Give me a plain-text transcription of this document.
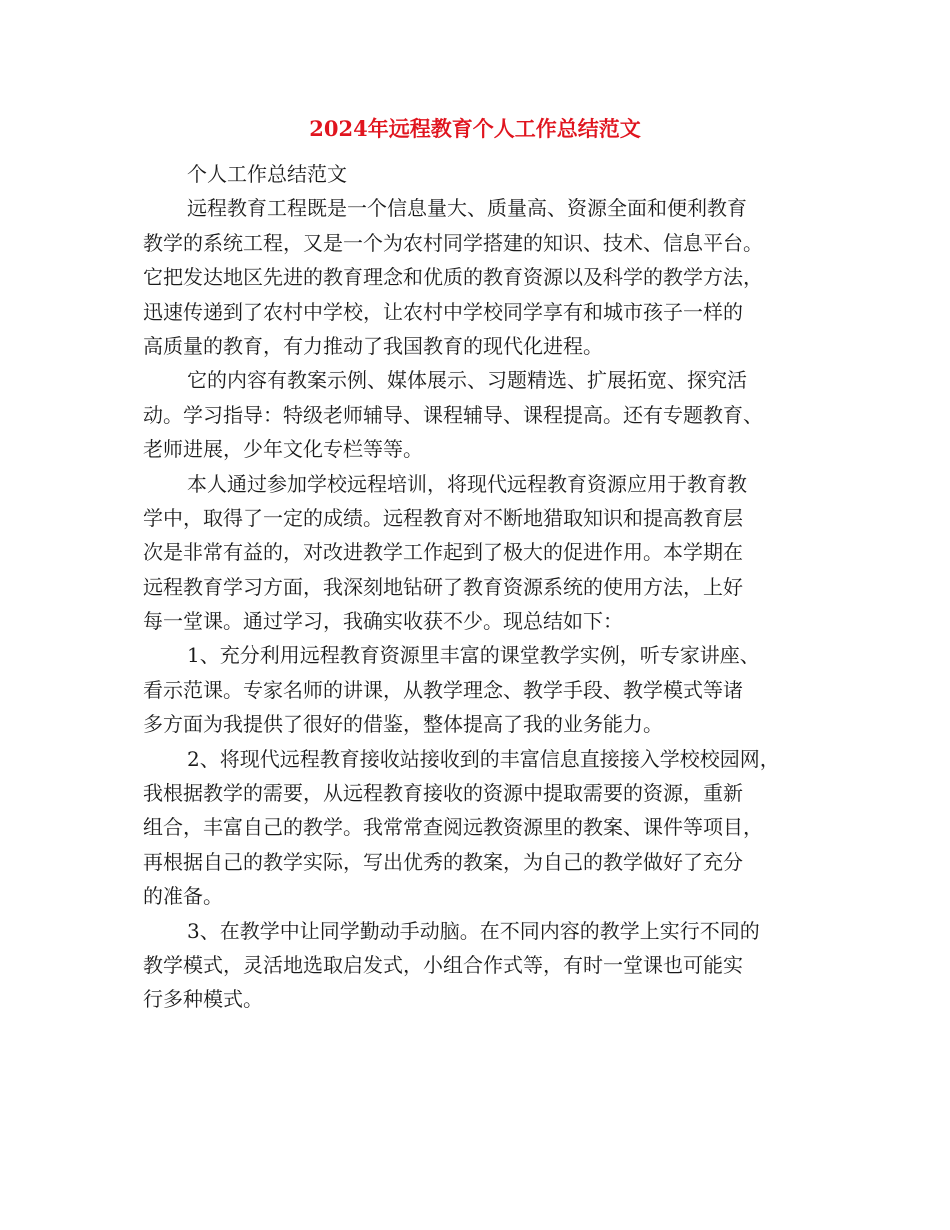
2024年远程教育个人工作总结范文

个人工作总结范文

远程教育工程既是一个信息量大、质量高、资源全面和便利教育
教学的系统工程，又是一个为农村同学搭建的知识、技术、信息平台。
它把发达地区先进的教育理念和优质的教育资源以及科学的教学方法，
迅速传递到了农村中学校，让农村中学校同学享有和城市孩子一样的
高质量的教育，有力推动了我国教育的现代化进程。

它的内容有教案示例、媒体展示、习题精选、扩展拓宽、探究活
动。学习指导：特级老师辅导、课程辅导、课程提高。还有专题教育、
老师进展，少年文化专栏等等。

本人通过参加学校远程培训，将现代远程教育资源应用于教育教
学中，取得了一定的成绩。远程教育对不断地猎取知识和提高教育层
次是非常有益的，对改进教学工作起到了极大的促进作用。本学期在
远程教育学习方面，我深刻地钻研了教育资源系统的使用方法，上好
每一堂课。通过学习，我确实收获不少。现总结如下：

1、充分利用远程教育资源里丰富的课堂教学实例，听专家讲座、
看示范课。专家名师的讲课，从教学理念、教学手段、教学模式等诸
多方面为我提供了很好的借鉴，整体提高了我的业务能力。

2、将现代远程教育接收站接收到的丰富信息直接接入学校校园网，
我根据教学的需要，从远程教育接收的资源中提取需要的资源，重新
组合，丰富自己的教学。我常常查阅远教资源里的教案、课件等项目，
再根据自己的教学实际，写出优秀的教案，为自己的教学做好了充分
的准备。

3、在教学中让同学勤动手动脑。在不同内容的教学上实行不同的
教学模式，灵活地选取启发式，小组合作式等，有时一堂课也可能实
行多种模式。
